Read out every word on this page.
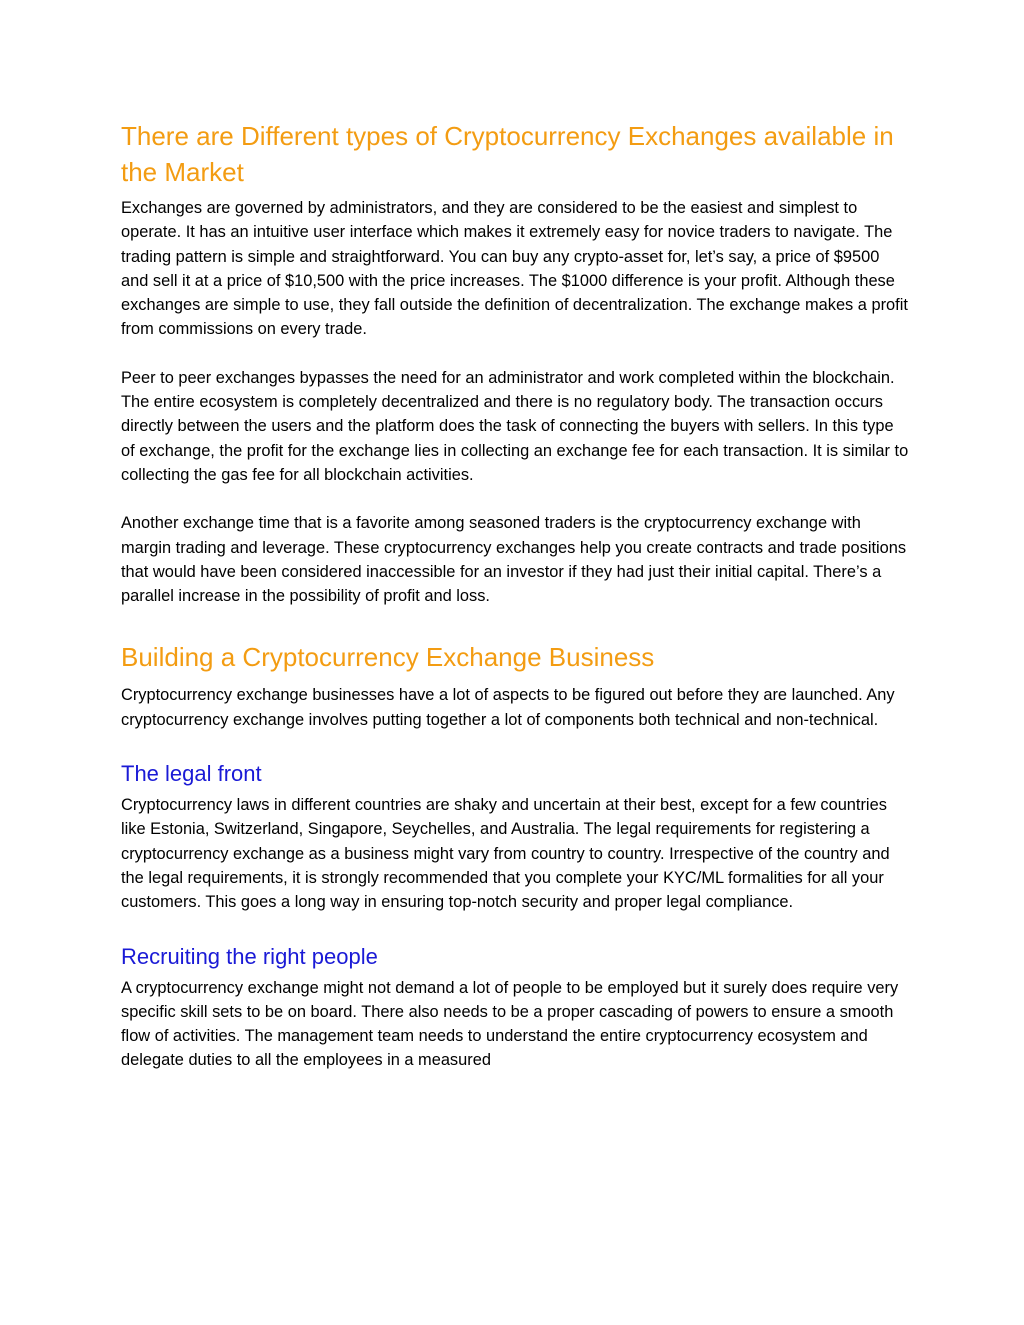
There are Different types of Cryptocurrency Exchanges available in the Market

Exchanges are governed by administrators, and they are considered to be the easiest and simplest to operate. It has an intuitive user interface which makes it extremely easy for novice traders to navigate. The trading pattern is simple and straightforward. You can buy any crypto-asset for, let’s say, a price of $9500 and sell it at a price of $10,500 with the price increases. The $1000 difference is your profit. Although these exchanges are simple to use, they fall outside the definition of decentralization. The exchange makes a profit from commissions on every trade.

Peer to peer exchanges bypasses the need for an administrator and work completed within the blockchain. The entire ecosystem is completely decentralized and there is no regulatory body. The transaction occurs directly between the users and the platform does the task of connecting the buyers with sellers. In this type of exchange, the profit for the exchange lies in collecting an exchange fee for each transaction. It is similar to collecting the gas fee for all blockchain activities.

Another exchange time that is a favorite among seasoned traders is the cryptocurrency exchange with margin trading and leverage. These cryptocurrency exchanges help you create contracts and trade positions that would have been considered inaccessible for an investor if they had just their initial capital. There’s a parallel increase in the possibility of profit and loss.

Building a Cryptocurrency Exchange Business

Cryptocurrency exchange businesses have a lot of aspects to be figured out before they are launched. Any cryptocurrency exchange involves putting together a lot of components both technical and non-technical.

The legal front

Cryptocurrency laws in different countries are shaky and uncertain at their best, except for a few countries like Estonia, Switzerland, Singapore, Seychelles, and Australia. The legal requirements for registering a cryptocurrency exchange as a business might vary from country to country. Irrespective of the country and the legal requirements, it is strongly recommended that you complete your KYC/ML formalities for all your customers. This goes a long way in ensuring top-notch security and proper legal compliance.

Recruiting the right people

A cryptocurrency exchange might not demand a lot of people to be employed but it surely does require very specific skill sets to be on board. There also needs to be a proper cascading of powers to ensure a smooth flow of activities. The management team needs to understand the entire cryptocurrency ecosystem and delegate duties to all the employees in a measured
